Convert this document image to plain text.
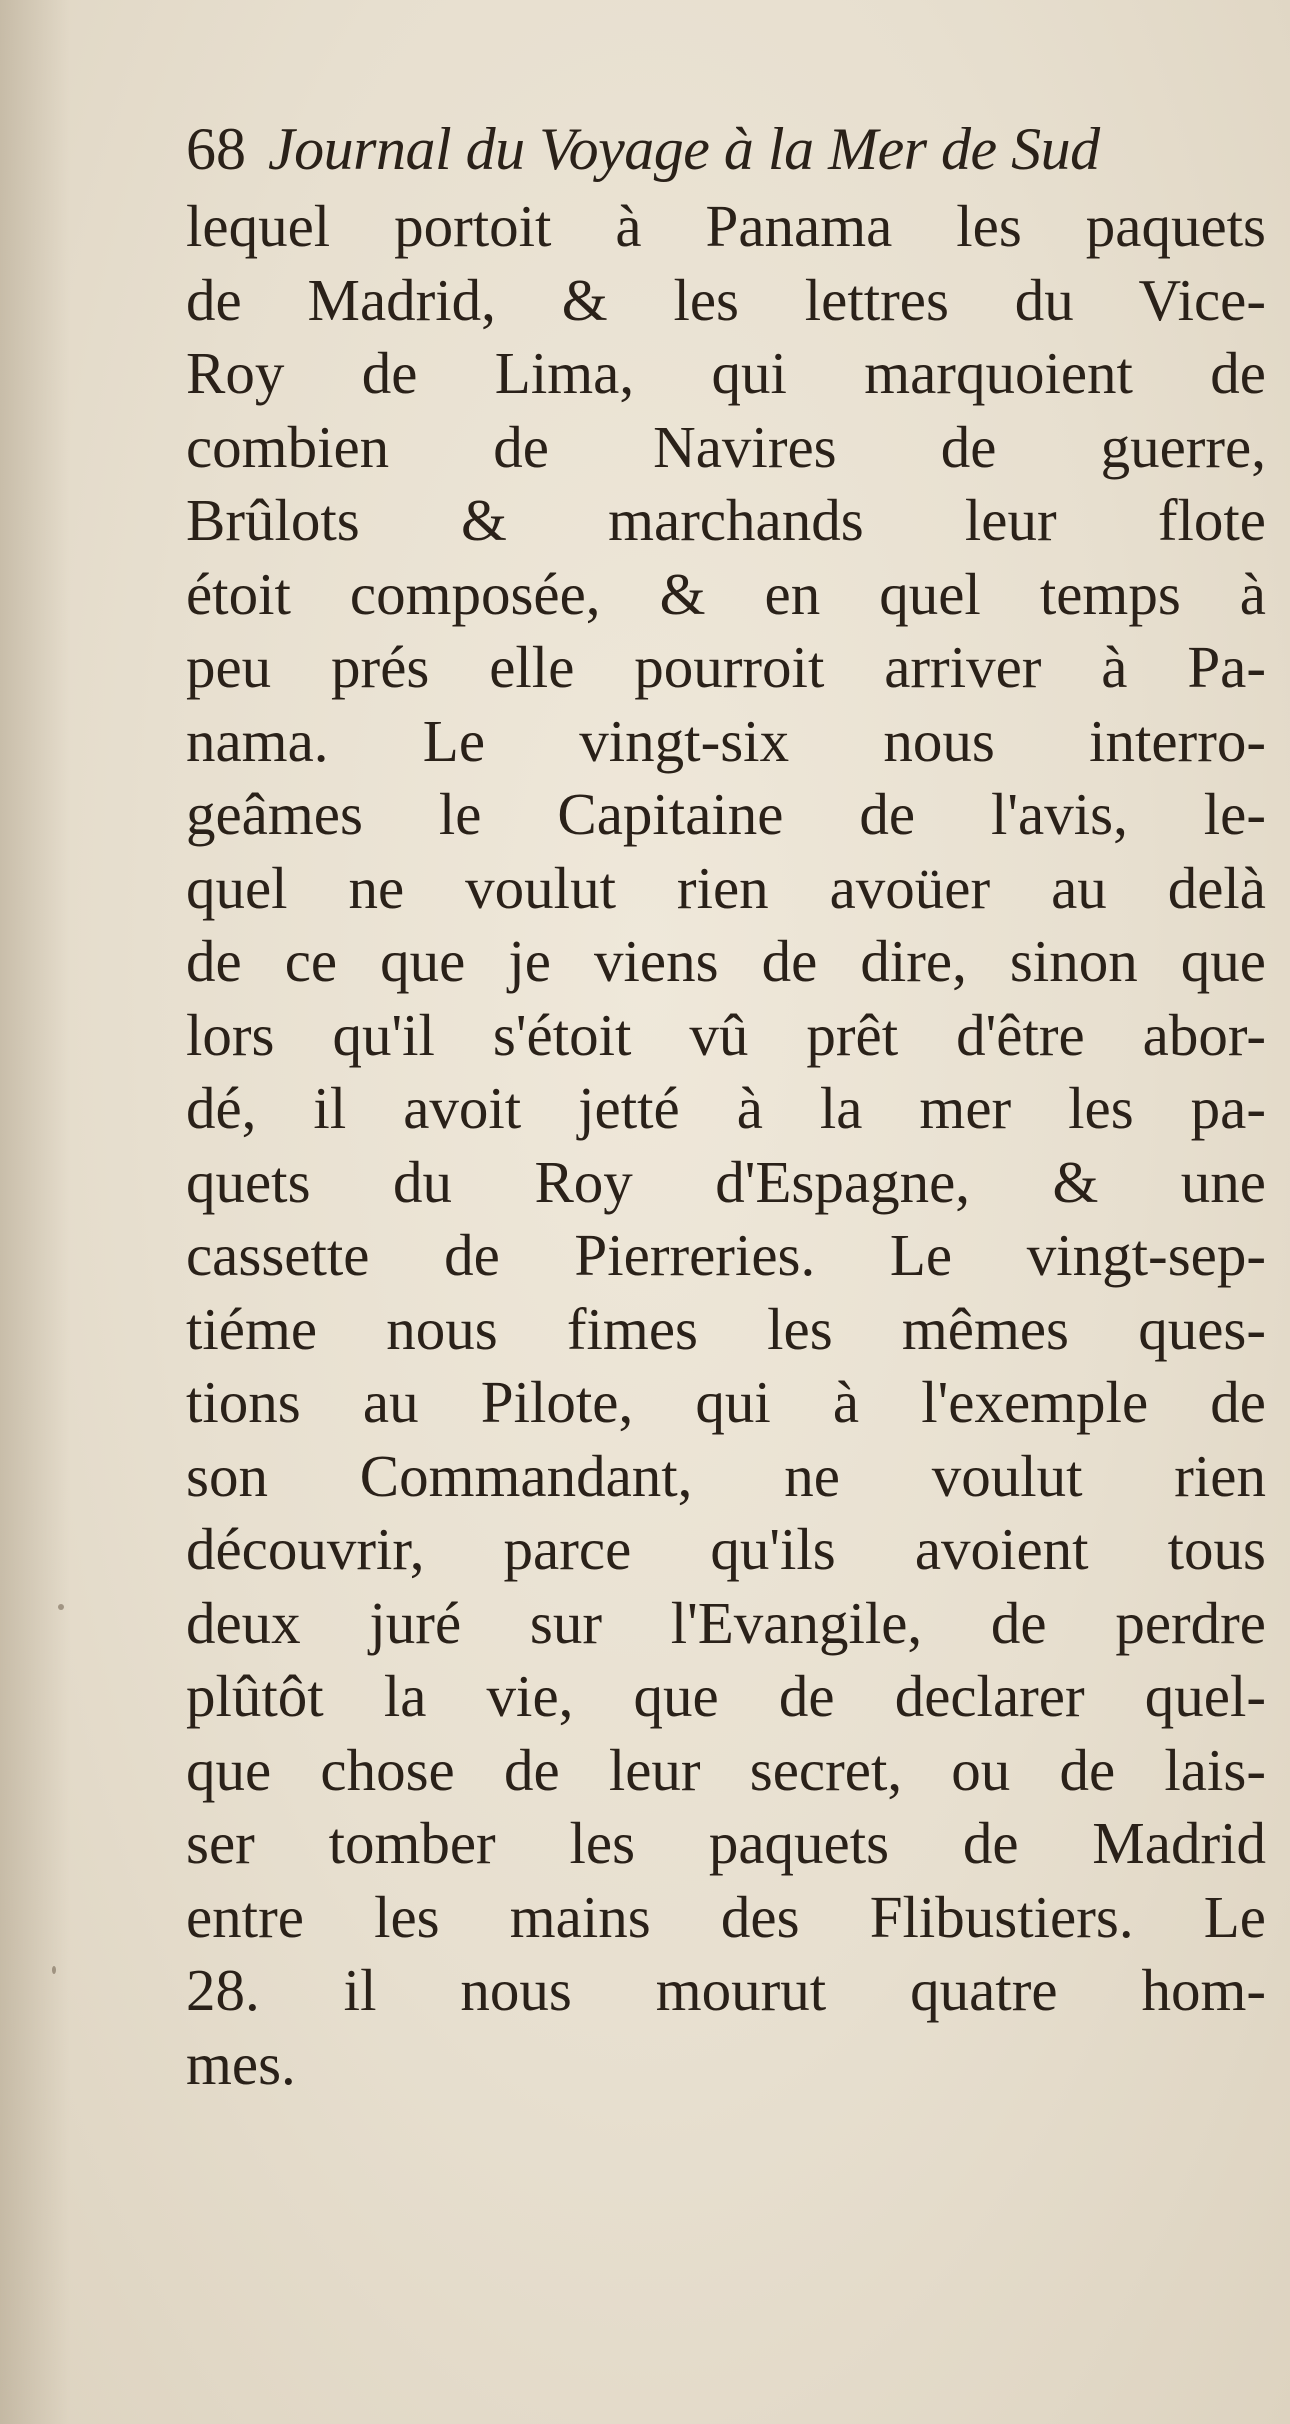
68 Journal du Voyage à la Mer de Sud
lequel portoit à Panama les paquets
de Madrid, & les lettres du Vice-
Roy de Lima, qui marquoient de
combien de Navires de guerre,
Brûlots & marchands leur flote
étoit composée, & en quel temps à
peu prés elle pourroit arriver à Pa-
nama. Le vingt-six nous interro-
geâmes le Capitaine de l'avis, le-
quel ne voulut rien avoüer au delà
de ce que je viens de dire, sinon que
lors qu'il s'étoit vû prêt d'être abor-
dé, il avoit jetté à la mer les pa-
quets du Roy d'Espagne, & une
cassette de Pierreries. Le vingt-sep-
tiéme nous fimes les mêmes ques-
tions au Pilote, qui à l'exemple de
son Commandant, ne voulut rien
découvrir, parce qu'ils avoient tous
deux juré sur l'Evangile, de perdre
plûtôt la vie, que de declarer quel-
que chose de leur secret, ou de lais-
ser tomber les paquets de Madrid
entre les mains des Flibustiers. Le
28. il nous mourut quatre hom-
mes.
